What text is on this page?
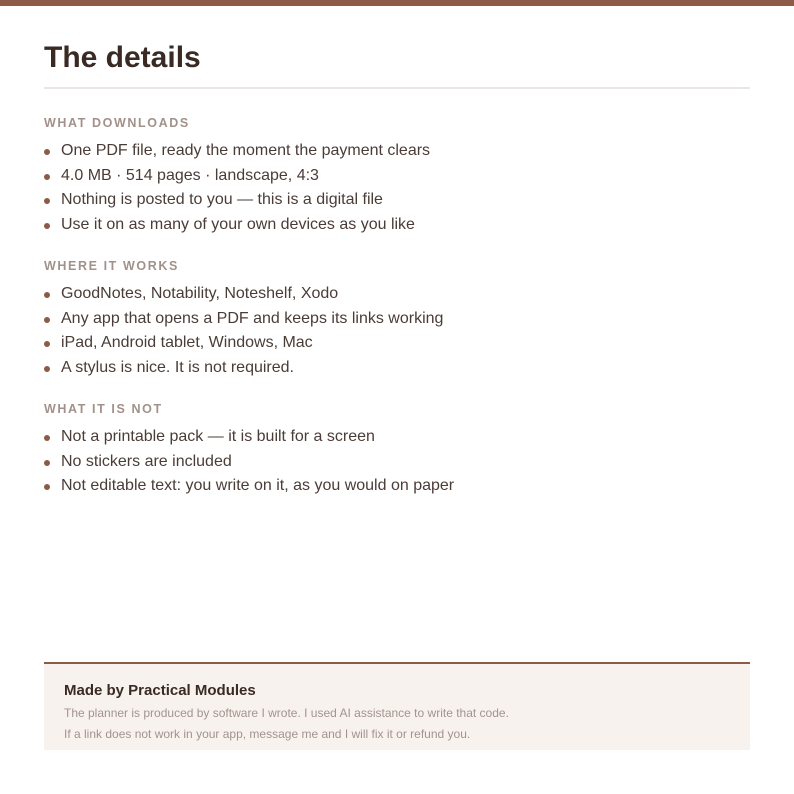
The details
WHAT DOWNLOADS
One PDF file, ready the moment the payment clears
4.0 MB · 514 pages · landscape, 4:3
Nothing is posted to you — this is a digital file
Use it on as many of your own devices as you like
WHERE IT WORKS
GoodNotes, Notability, Noteshelf, Xodo
Any app that opens a PDF and keeps its links working
iPad, Android tablet, Windows, Mac
A stylus is nice. It is not required.
WHAT IT IS NOT
Not a printable pack — it is built for a screen
No stickers are included
Not editable text: you write on it, as you would on paper
Made by Practical Modules
The planner is produced by software I wrote. I used AI assistance to write that code.
If a link does not work in your app, message me and I will fix it or refund you.
